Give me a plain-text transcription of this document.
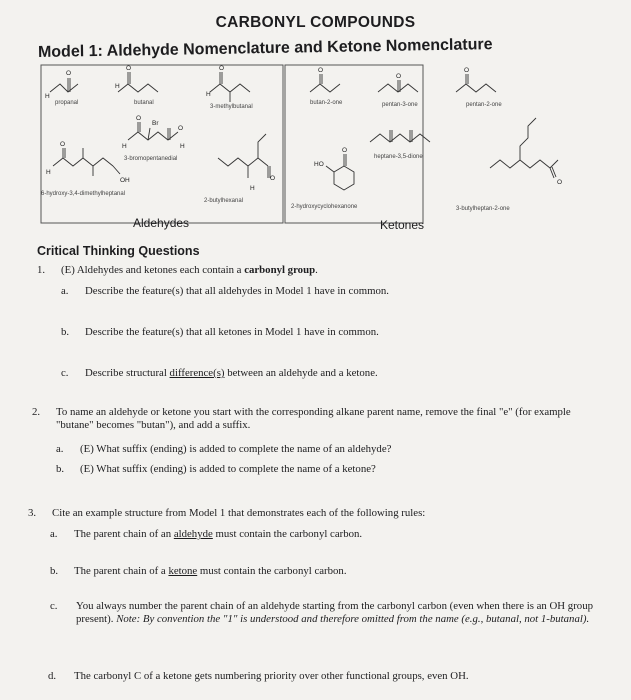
CARBONYL COMPOUNDS
Model 1: Aldehyde Nomenclature and Ketone Nomenclature
O
H
propanal
O
H
butanal
O
H
3-methylbutanal
O
O
Br
H	H
3-bromopentanedial
O
H
OH
6-hydroxy-3,4-dimethylheptanal
O
H
2-butylhexanal
Aldehydes
O
butan-2-one
O
pentan-3-one
O
pentan-2-one
heptane-3,5-dione
O
HO
2-hydroxycyclohexanone
O
3-butylheptan-2-one
Ketones
Critical Thinking Questions
1. (E) Aldehydes and ketones each contain a carbonyl group.
a. Describe the feature(s) that all aldehydes in Model 1 have in common.
b. Describe the feature(s) that all ketones in Model 1 have in common.
c. Describe structural difference(s) between an aldehyde and a ketone.
2. To name an aldehyde or ketone you start with the corresponding alkane parent name, remove the final "e" (for example "butane" becomes "butan"), and add a suffix.
a. (E) What suffix (ending) is added to complete the name of an aldehyde?
b. (E) What suffix (ending) is added to complete the name of a ketone?
3. Cite an example structure from Model 1 that demonstrates each of the following rules:
a. The parent chain of an aldehyde must contain the carbonyl carbon.
b. The parent chain of a ketone must contain the carbonyl carbon.
c. You always number the parent chain of an aldehyde starting from the carbonyl carbon (even when there is an OH group present). Note: By convention the "1" is understood and therefore omitted from the name (e.g., butanal, not 1-butanal).
d. The carbonyl C of a ketone gets numbering priority over other functional groups, even OH.
